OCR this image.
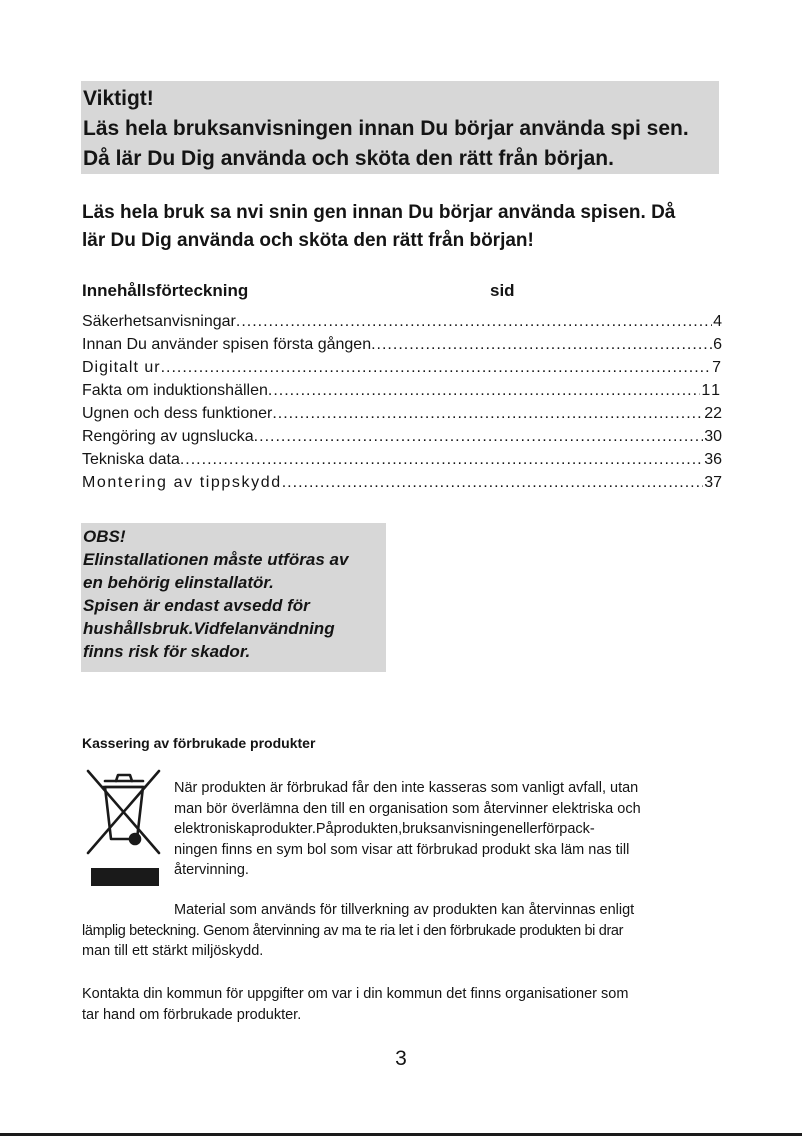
Viktigt!
Läs hela bruksanvisningen innan Du börjar använda spi sen.
Då lär Du Dig använda och sköta den rätt från början.
Läs hela bruk sa nvi snin gen innan Du börjar använda spisen. Då
lär Du Dig använda och sköta den rätt från början!
Innehållsförteckning	sid
Säkerhetsanvisningar .....	4
Innan Du använder spisen första gången .....	6
Digitalt ur .....	7
Fakta om induktionshällen .....	11
Ugnen och dess funktioner .....	22
Rengöring av ugnslucka .....	30
Tekniska data .....	36
Montering av tippskydd .....	37
OBS!
Elinstallationen måste utföras av
en behörig elinstallatör.
Spisen är endast avsedd för
hushållsbruk.Vidfelanvändning
finns risk för skador.
Kassering av förbrukade produkter
När produkten är förbrukad får den inte kasseras som vanligt avfall, utan
man bör överlämna den till en organisation som återvinner elektriska och
elektroniskaprodukter.Påprodukten,bruksanvisningenellerförpack-
ningen finns en sym bol som visar att förbrukad produkt ska läm nas till
återvinning.
Material som används för tillverkning av produkten kan återvinnas enligt
lämplig beteckning. Genom återvinning av ma te ria let i den förbrukade produkten bi drar
man till ett stärkt miljöskydd.
Kontakta din kommun för uppgifter om var i din kommun det finns organisationer som
tar hand om förbrukade produkter.
3
